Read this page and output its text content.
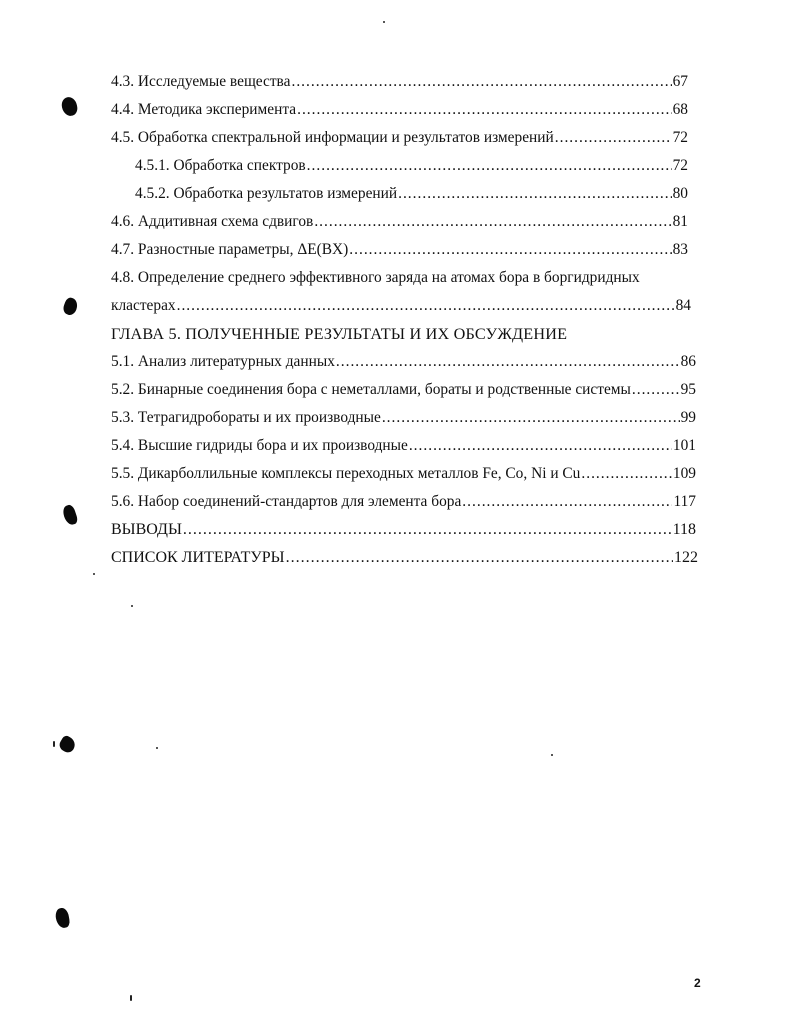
4.3. Исследуемые вещества .....	67
4.4. Методика эксперимента .....	68
4.5. Обработка спектральной информации и результатов измерений .....	72
4.5.1. Обработка спектров .....	72
4.5.2. Обработка результатов измерений .....	80
4.6. Аддитивная схема сдвигов .....	81
4.7. Разностные параметры, ΔE(BX) .....	83
4.8. Определение среднего эффективного заряда на атомах бора в боргидридных
кластерах .....	84
ГЛАВА 5. ПОЛУЧЕННЫЕ РЕЗУЛЬТАТЫ И ИХ ОБСУЖДЕНИЕ
5.1. Анализ литературных данных .....	86
5.2. Бинарные соединения бора с неметаллами, бораты и родственные системы .....	95
5.3. Тетрагидробораты и их производные .....	99
5.4. Высшие гидриды бора и их производные .....	101
5.5. Дикарболлильные комплексы переходных металлов Fe, Co, Ni и Cu .....	109
5.6. Набор соединений-стандартов для элемента бора .....	117
ВЫВОДЫ .....	118
СПИСОК ЛИТЕРАТУРЫ .....	122
2
